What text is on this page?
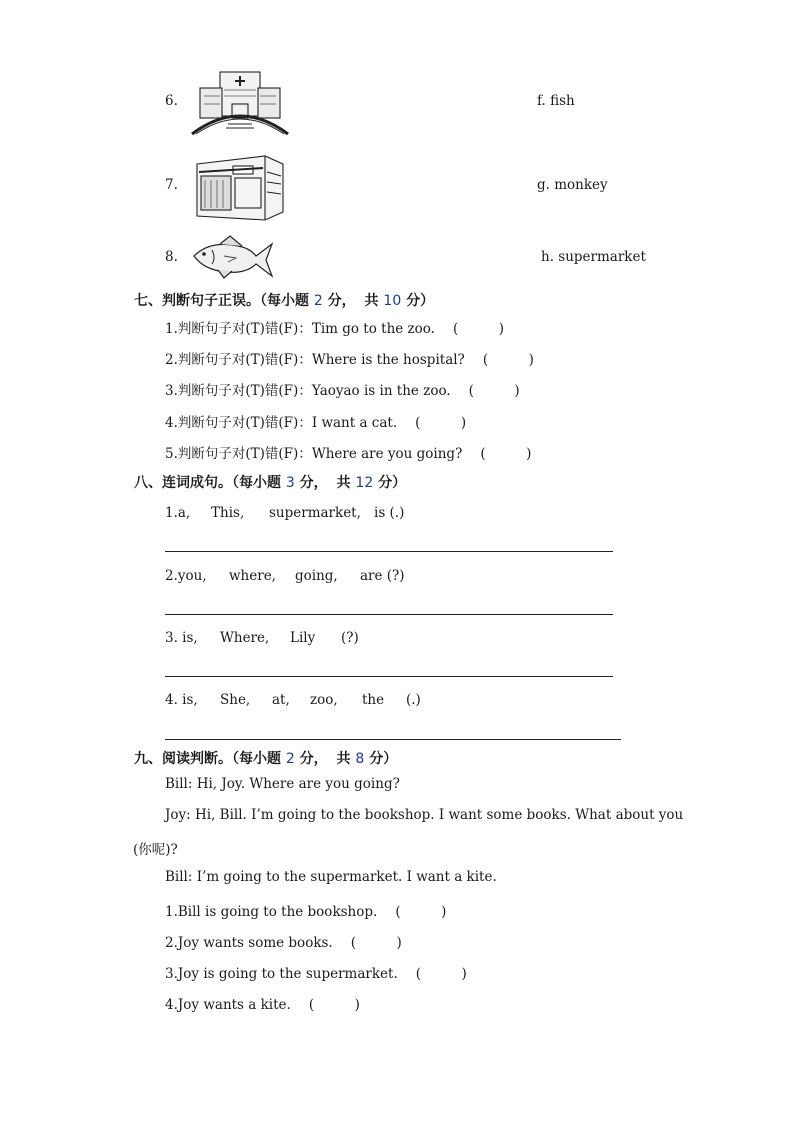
6.	f. fish
7.	g. monkey
8.	h. supermarket
七、判断句子正误。（每小题 2 分， 共 10 分）
1.判断句子对(T)错(F)：Tim go to the zoo. (　　　)
2.判断句子对(T)错(F)：Where is the hospital? (　　　)
3.判断句子对(T)错(F)：Yaoyao is in the zoo. (　　　)
4.判断句子对(T)错(F)：I want a cat. (　　　)
5.判断句子对(T)错(F)：Where are you going? (　　　)
八、连词成句。（每小题 3 分， 共 12 分）
1.a, This, supermarket, is (.)
2.you, where, going, are (?)
3. is, Where, Lily (?)
4. is, She, at, zoo, the (.)
九、阅读判断。（每小题 2 分， 共 8 分）
Bill: Hi, Joy. Where are you going?
Joy: Hi, Bill. I’m going to the bookshop. I want some books. What about you
(你呢)?
Bill: I’m going to the supermarket. I want a kite.
1.Bill is going to the bookshop. (　　　)
2.Joy wants some books. (　　　)
3.Joy is going to the supermarket. (　　　)
4.Joy wants a kite. (　　　)
